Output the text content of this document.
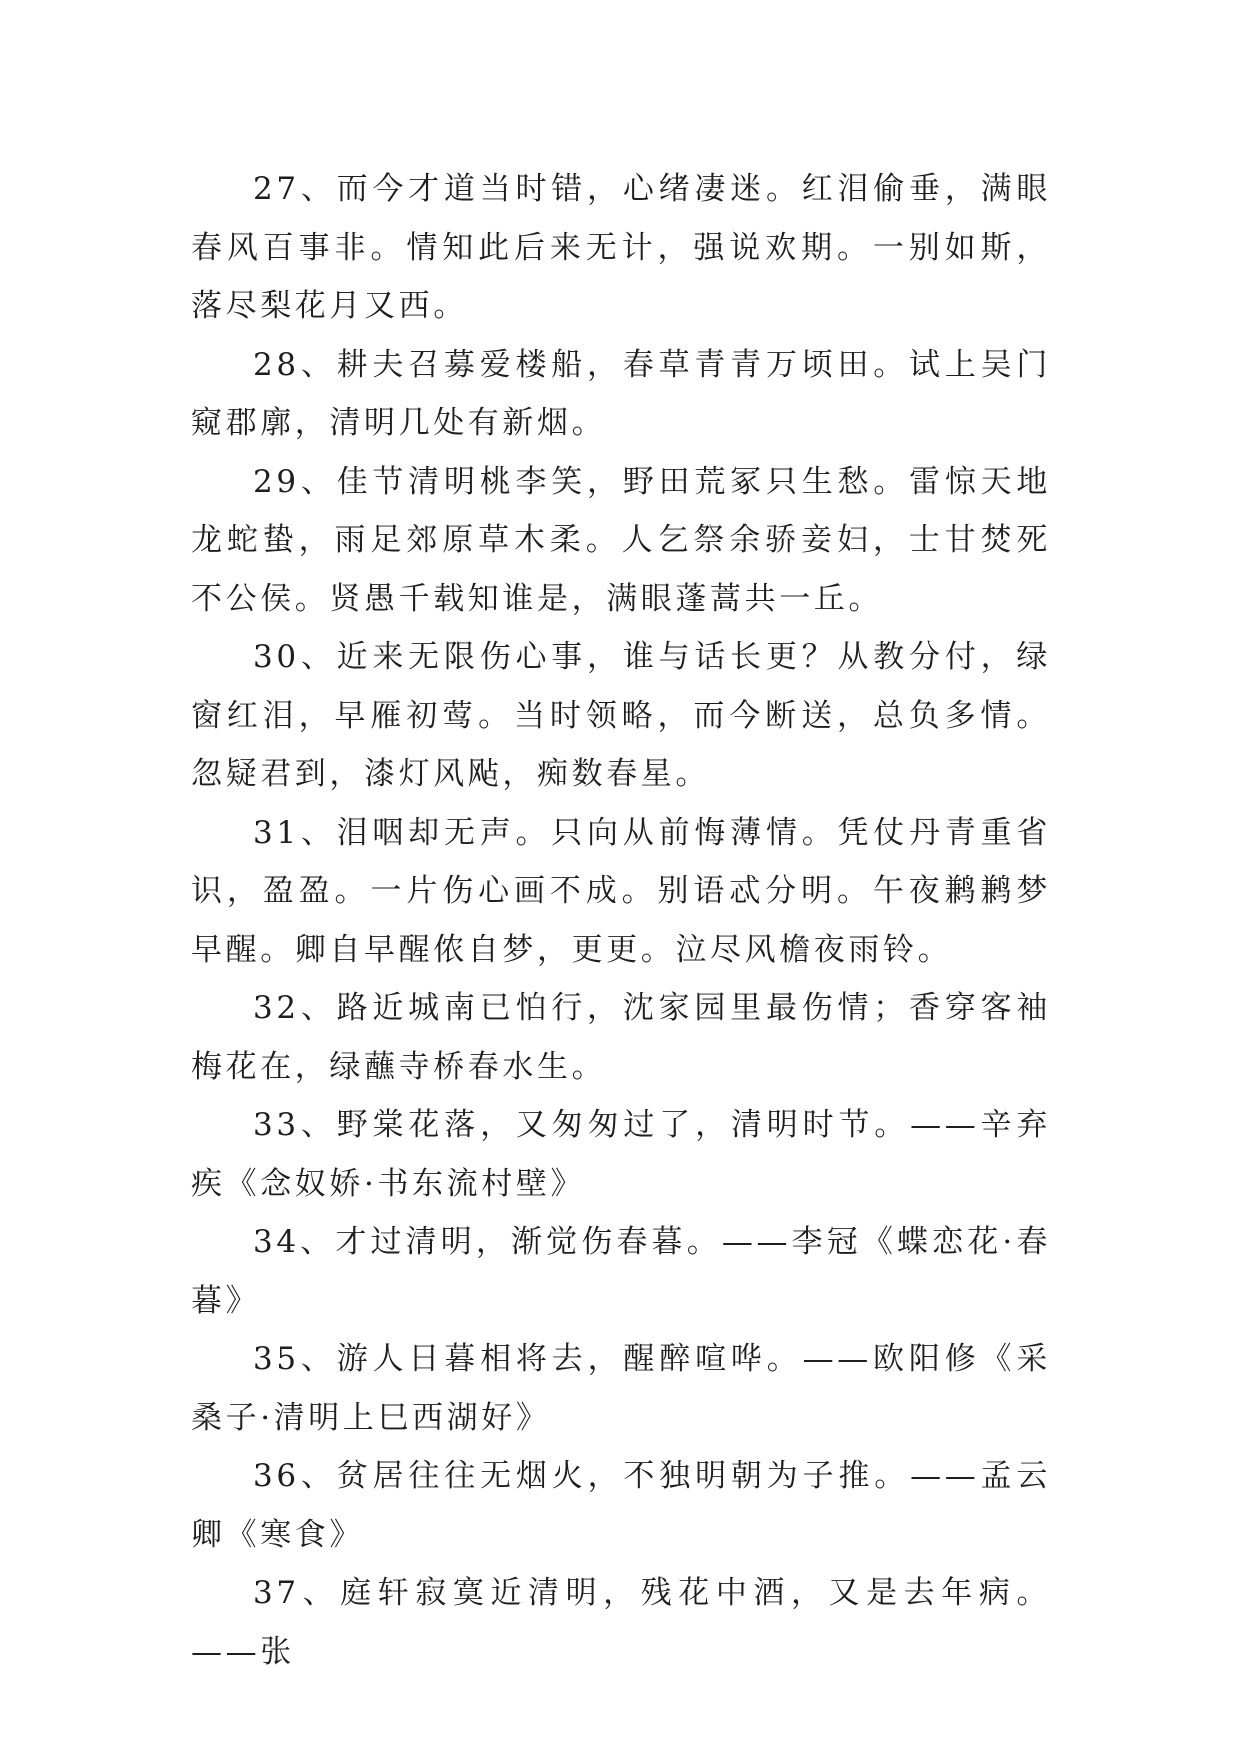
27、而今才道当时错，心绪凄迷。红泪偷垂，满眼春风百事非。情知此后来无计，强说欢期。一别如斯，落尽梨花月又西。

28、耕夫召募爱楼船，春草青青万顷田。试上吴门窥郡廓，清明几处有新烟。

29、佳节清明桃李笑，野田荒冢只生愁。雷惊天地龙蛇蛰，雨足郊原草木柔。人乞祭余骄妾妇，士甘焚死不公侯。贤愚千载知谁是，满眼蓬蒿共一丘。

30、近来无限伤心事，谁与话长更？从教分付，绿窗红泪，早雁初莺。当时领略，而今断送，总负多情。忽疑君到，漆灯风飐，痴数春星。

31、泪咽却无声。只向从前悔薄情。凭仗丹青重省识，盈盈。一片伤心画不成。别语忒分明。午夜鹣鹣梦早醒。卿自早醒侬自梦，更更。泣尽风檐夜雨铃。

32、路近城南已怕行，沈家园里最伤情；香穿客袖梅花在，绿蘸寺桥春水生。

33、野棠花落，又匆匆过了，清明时节。——辛弃疾《念奴娇·书东流村壁》

34、才过清明，渐觉伤春暮。——李冠《蝶恋花·春暮》

35、游人日暮相将去，醒醉喧哗。——欧阳修《采桑子·清明上巳西湖好》

36、贫居往往无烟火，不独明朝为子推。——孟云卿《寒食》

37、庭轩寂寞近清明，残花中酒，又是去年病。——张
